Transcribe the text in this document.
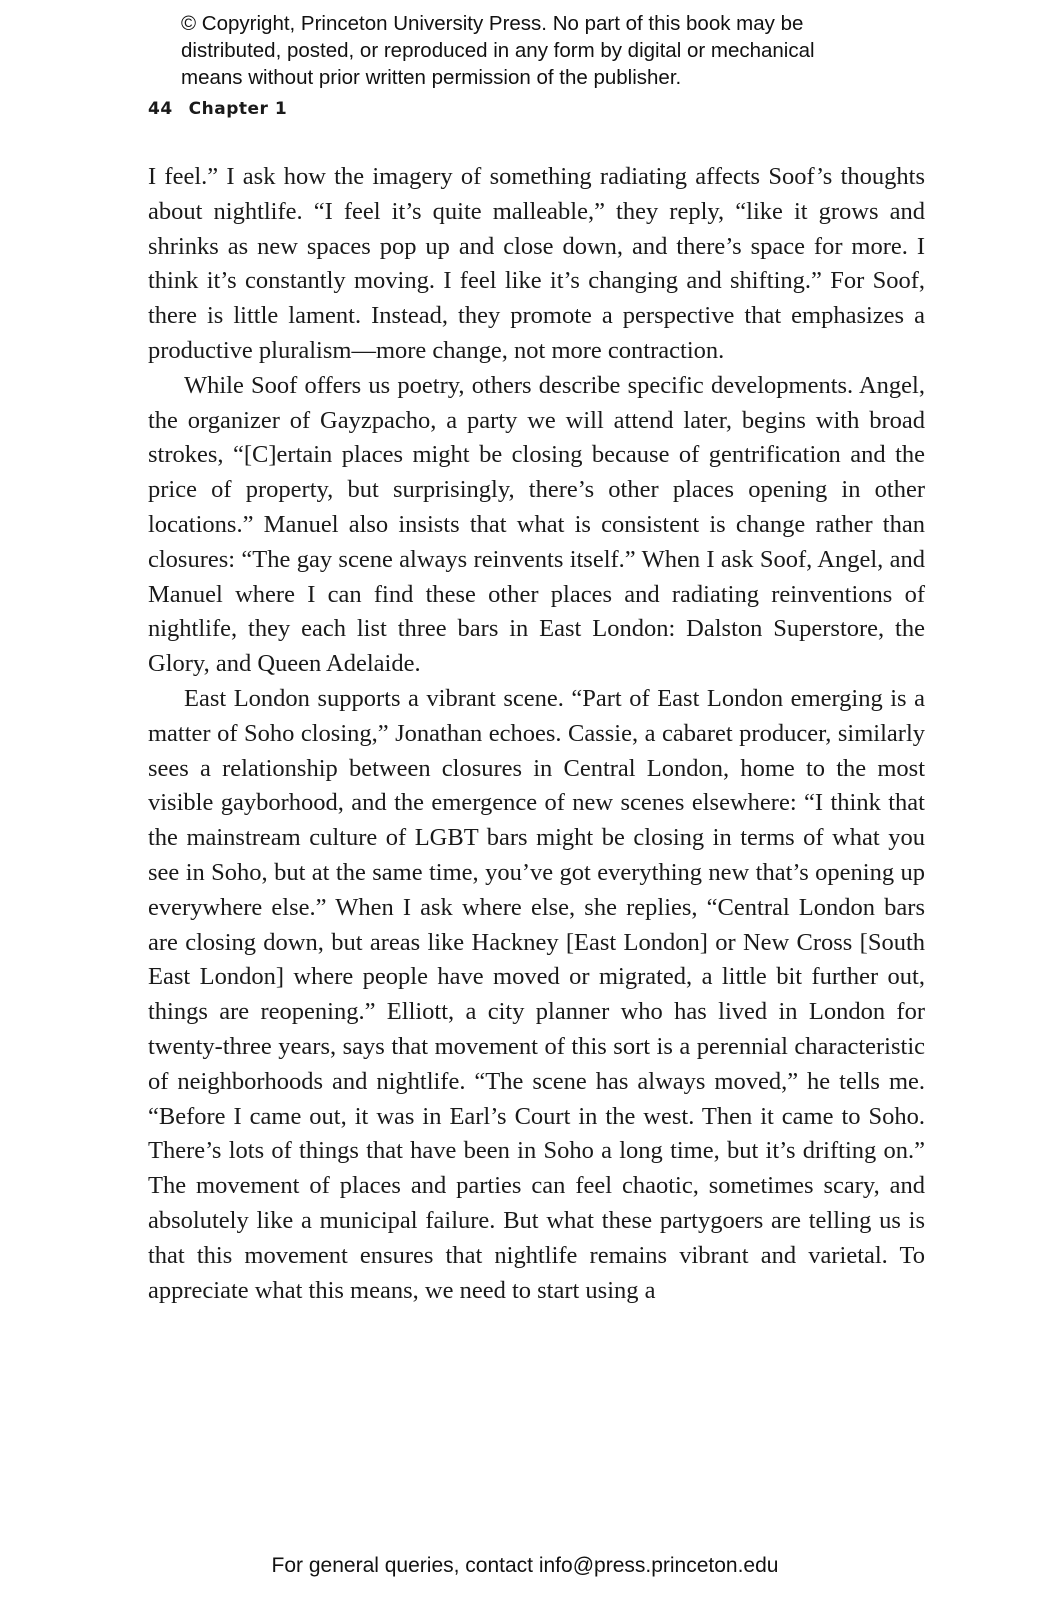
© Copyright, Princeton University Press. No part of this book may be
distributed, posted, or reproduced in any form by digital or mechanical
means without prior written permission of the publisher.
44 Chapter 1

I feel.” I ask how the imagery of something radiating affects Soof’s thoughts about nightlife. “I feel it’s quite malleable,” they reply, “like it grows and shrinks as new spaces pop up and close down, and there’s space for more. I think it’s constantly moving. I feel like it’s changing and shifting.” For Soof, there is little lament. Instead, they promote a perspective that emphasizes a productive pluralism—more change, not more contraction.

While Soof offers us poetry, others describe specific developments. Angel, the organizer of Gayzpacho, a party we will attend later, begins with broad strokes, “[C]ertain places might be closing because of gentrification and the price of property, but surprisingly, there’s other places opening in other locations.” Manuel also insists that what is consistent is change rather than closures: “The gay scene always reinvents itself.” When I ask Soof, Angel, and Manuel where I can find these other places and radiating reinventions of nightlife, they each list three bars in East London: Dalston Superstore, the Glory, and Queen Adelaide.

East London supports a vibrant scene. “Part of East London emerging is a matter of Soho closing,” Jonathan echoes. Cassie, a cabaret producer, similarly sees a relationship between closures in Central London, home to the most visible gayborhood, and the emergence of new scenes elsewhere: “I think that the mainstream culture of LGBT bars might be closing in terms of what you see in Soho, but at the same time, you’ve got everything new that’s opening up everywhere else.” When I ask where else, she replies, “Central London bars are closing down, but areas like Hackney [East London] or New Cross [South East London] where people have moved or migrated, a little bit further out, things are reopening.” Elliott, a city planner who has lived in London for twenty-three years, says that movement of this sort is a perennial characteristic of neighborhoods and nightlife. “The scene has always moved,” he tells me. “Before I came out, it was in Earl’s Court in the west. Then it came to Soho. There’s lots of things that have been in Soho a long time, but it’s drifting on.” The movement of places and parties can feel chaotic, sometimes scary, and absolutely like a municipal failure. But what these partygoers are telling us is that this movement ensures that nightlife remains vibrant and varietal. To appreciate what this means, we need to start using a

For general queries, contact info@press.princeton.edu
